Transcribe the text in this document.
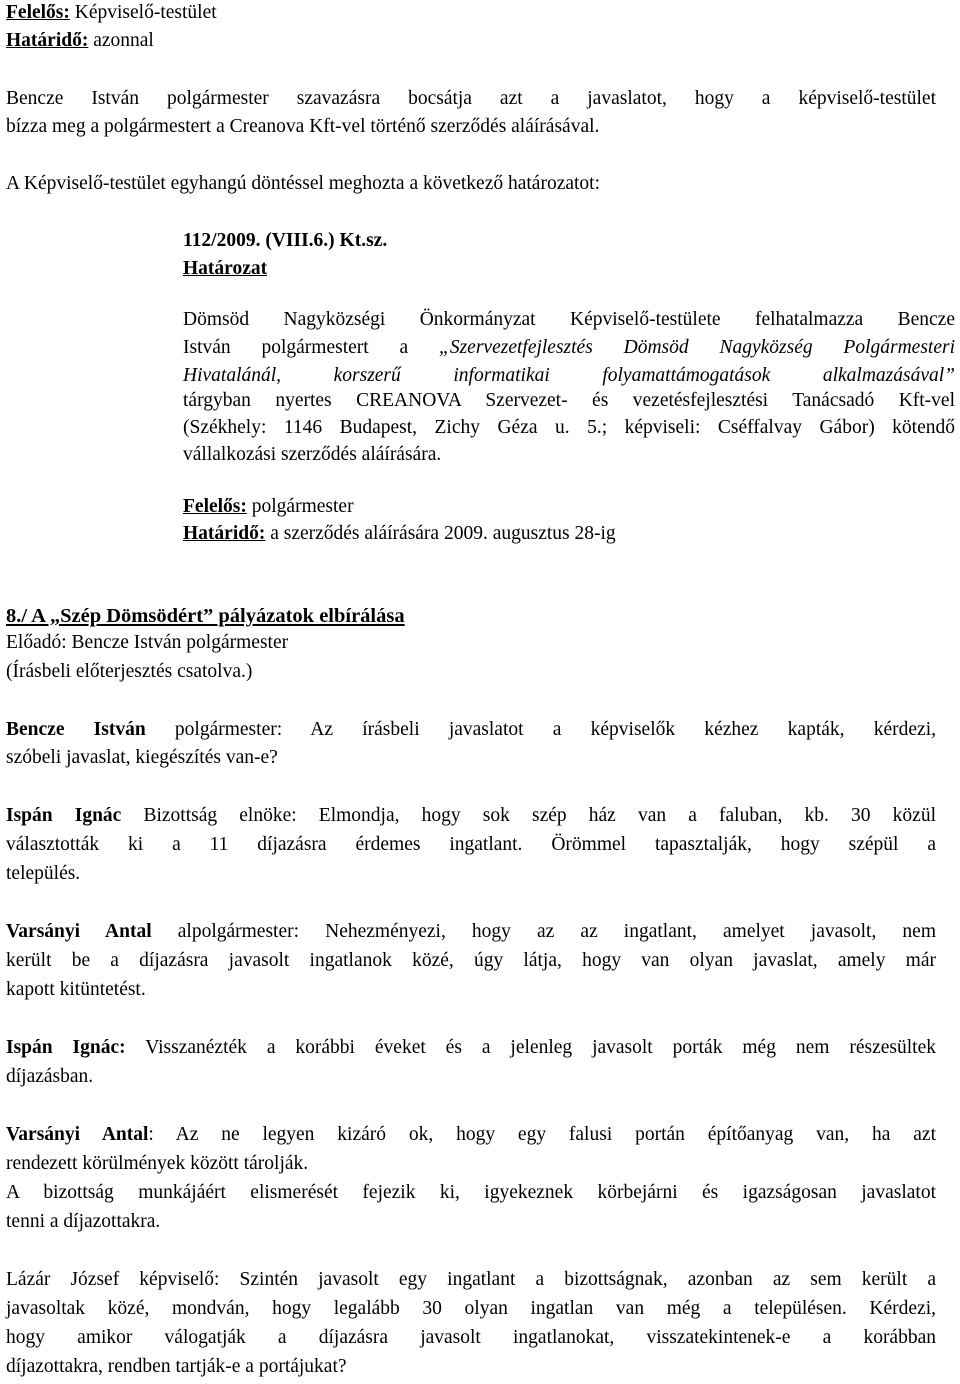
Felelős: Képviselő-testület
Határidő: azonnal
Bencze István polgármester szavazásra bocsátja azt a javaslatot, hogy a képviselő-testület
bízza meg a polgármestert a Creanova Kft-vel történő szerződés aláírásával.
A Képviselő-testület egyhangú döntéssel meghozta a következő határozatot:
112/2009. (VIII.6.) Kt.sz.
Határozat
Dömsöd Nagyközségi Önkormányzat Képviselő-testülete felhatalmazza Bencze
István polgármestert a „Szervezetfejlesztés Dömsöd Nagyközség Polgármesteri
Hivatalánál, korszerű informatikai folyamattámogatások alkalmazásával”
tárgyban nyertes CREANOVA Szervezet- és vezetésfejlesztési Tanácsadó Kft-vel
(Székhely: 1146 Budapest, Zichy Géza u. 5.; képviseli: Cséffalvay Gábor) kötendő
vállalkozási szerződés aláírására.
Felelős: polgármester
Határidő: a szerződés aláírására 2009. augusztus 28-ig
8./ A „Szép Dömsödért” pályázatok elbírálása
Előadó: Bencze István polgármester
(Írásbeli előterjesztés csatolva.)
Bencze István polgármester: Az írásbeli javaslatot a képviselők kézhez kapták, kérdezi,
szóbeli javaslat, kiegészítés van-e?
Ispán Ignác Bizottság elnöke: Elmondja, hogy sok szép ház van a faluban, kb. 30 közül
választották ki a 11 díjazásra érdemes ingatlant. Örömmel tapasztalják, hogy szépül a
település.
Varsányi Antal alpolgármester: Nehezményezi, hogy az az ingatlant, amelyet javasolt, nem
került be a díjazásra javasolt ingatlanok közé, úgy látja, hogy van olyan javaslat, amely már
kapott kitüntetést.
Ispán Ignác: Visszanézték a korábbi éveket és a jelenleg javasolt porták még nem részesültek
díjazásban.
Varsányi Antal: Az ne legyen kizáró ok, hogy egy falusi portán építőanyag van, ha azt
rendezett körülmények között tárolják.
A bizottság munkájáért elismerését fejezik ki, igyekeznek körbejárni és igazságosan javaslatot
tenni a díjazottakra.
Lázár József képviselő: Szintén javasolt egy ingatlant a bizottságnak, azonban az sem került a
javasoltak közé, mondván, hogy legalább 30 olyan ingatlan van még a településen. Kérdezi,
hogy amikor válogatják a díjazásra javasolt ingatlanokat, visszatekintenek-e a korábban
díjazottakra, rendben tartják-e a portájukat?
